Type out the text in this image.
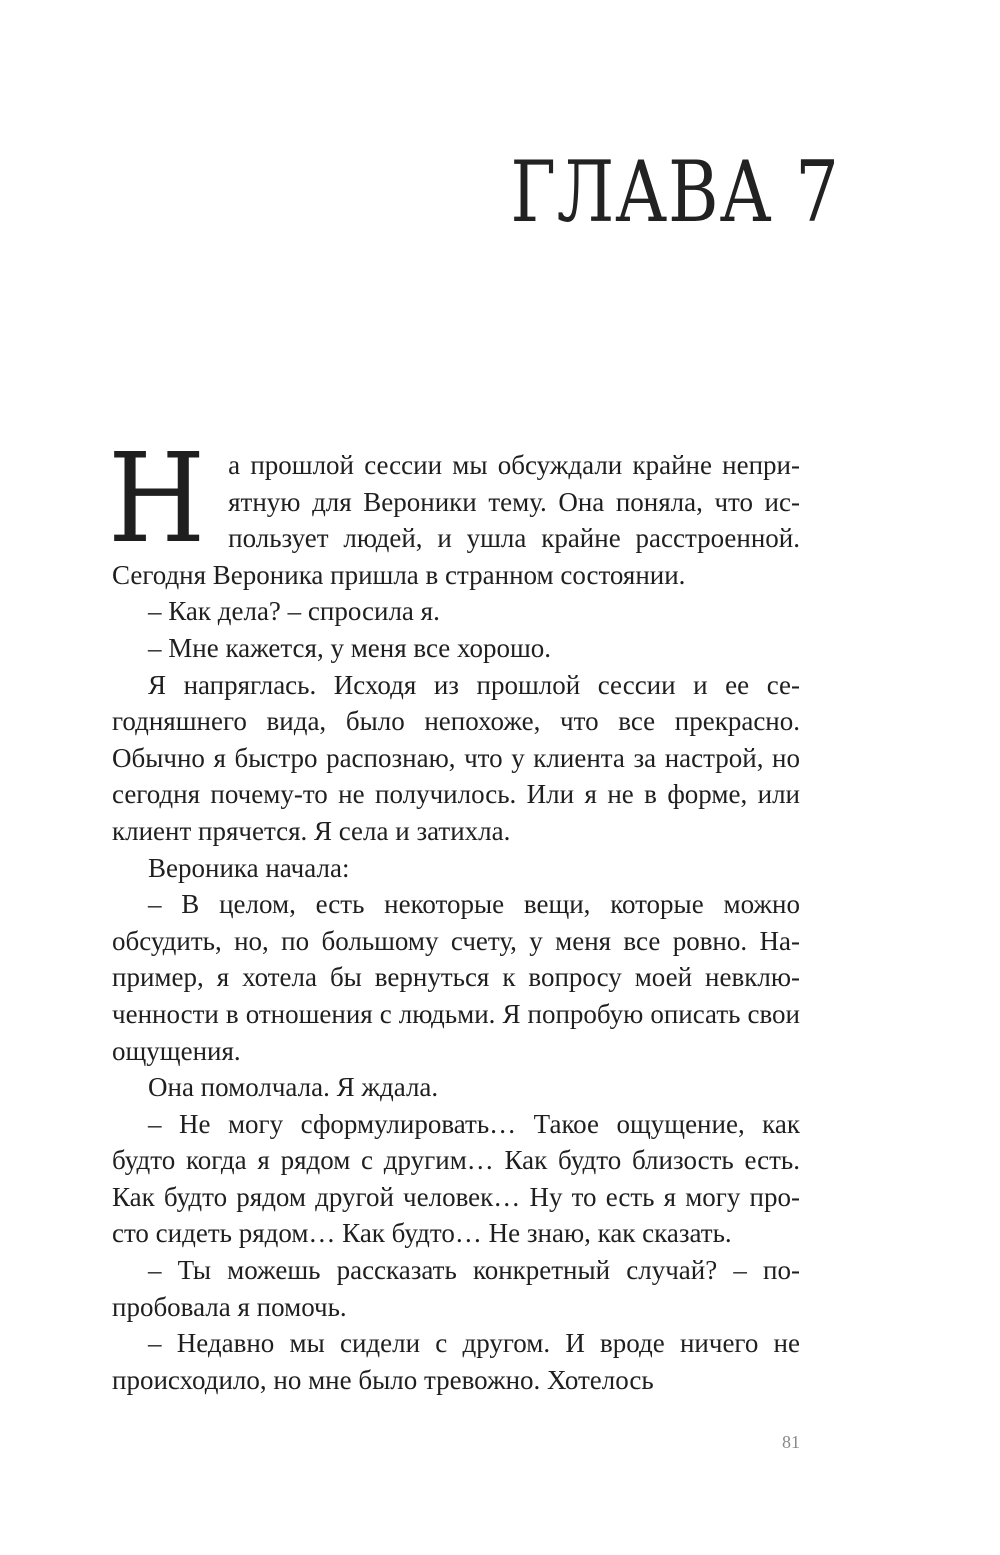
ГЛАВА 7

На прошлой сессии мы обсуждали крайне неприятную для Вероники тему. Она поняла, что использует людей, и ушла крайне расстроенной. Сегодня Вероника пришла в странном состоянии.

– Как дела? – спросила я.

– Мне кажется, у меня все хорошо.

Я напряглась. Исходя из прошлой сессии и ее сегодняшнего вида, было непохоже, что все прекрасно. Обычно я быстро распознаю, что у клиента за настрой, но сегодня почему-то не получилось. Или я не в форме, или клиент прячется. Я села и затихла.

Вероника начала:

– В целом, есть некоторые вещи, которые можно обсудить, но, по большому счету, у меня все ровно. Например, я хотела бы вернуться к вопросу моей невключенности в отношения с людьми. Я попробую описать свои ощущения.

Она помолчала. Я ждала.

– Не могу сформулировать… Такое ощущение, как будто когда я рядом с другим… Как будто близость есть. Как будто рядом другой человек… Ну то есть я могу просто сидеть рядом… Как будто… Не знаю, как сказать.

– Ты можешь рассказать конкретный случай? – попробовала я помочь.

– Недавно мы сидели с другом. И вроде ничего не происходило, но мне было тревожно. Хотелось

81
